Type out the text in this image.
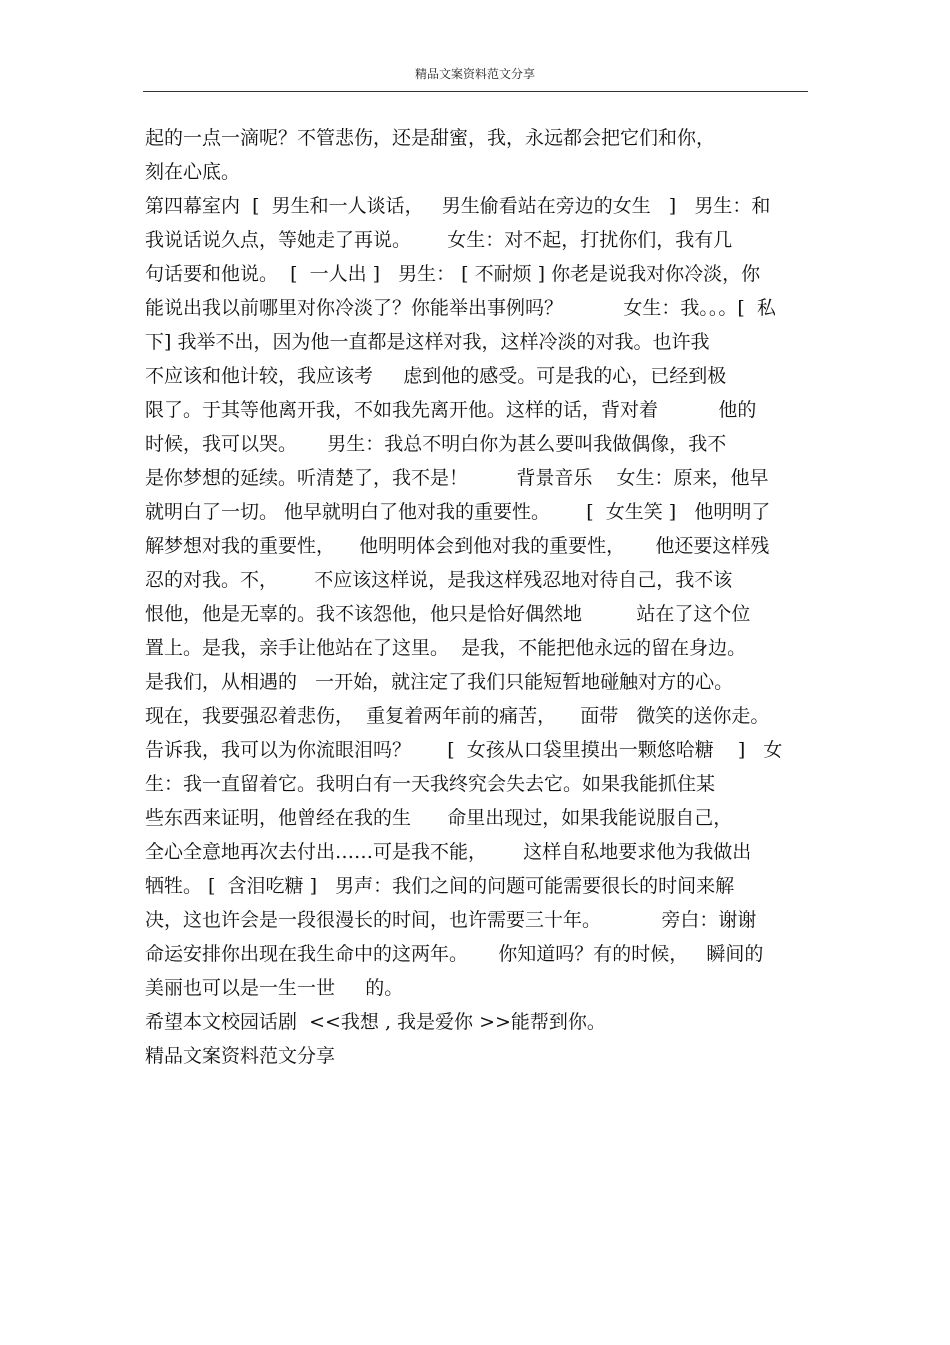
精品文案资料范文分享
起的一点一滴呢？不管悲伤，还是甜蜜，我，永远都会把它们和你，
刻在心底。
第四幕室内  [  男生和一人谈话，   男生偷看站在旁边的女生   ]   男生：和
我说话说久点，等她走了再说。      女生：对不起，打扰你们，我有几
句话要和他说。  [  一人出 ]   男生： [ 不耐烦 ] 你老是说我对你冷淡，你
能说出我以前哪里对你冷淡了？你能举出事例吗？          女生：我。。。[  私
下] 我举不出，因为他一直都是这样对我，这样冷淡的对我。也许我
不应该和他计较，我应该考     虑到他的感受。可是我的心，已经到极
限了。于其等他离开我，不如我先离开他。这样的话，背对着          他的
时候，我可以哭。     男生：我总不明白你为甚么要叫我做偶像，我不
是你梦想的延续。听清楚了，我不是！        背景音乐    女生：原来，他早
就明白了一切。 他早就明白了他对我的重要性。      [  女生笑 ]   他明明了
解梦想对我的重要性，    他明明体会到他对我的重要性，     他还要这样残
忍的对我。不，      不应该这样说，是我这样残忍地对待自己，我不该
恨他，他是无辜的。我不该怨他，他只是恰好偶然地         站在了这个位
置上。是我，亲手让他站在了这里。  是我，不能把他永远的留在身边。
是我们，从相遇的   一开始，就注定了我们只能短暂地碰触对方的心。
现在，我要强忍着悲伤，  重复着两年前的痛苦，    面带   微笑的送你走。
告诉我，我可以为你流眼泪吗？      [  女孩从口袋里摸出一颗悠哈糖    ]   女
生：我一直留着它。我明白有一天我终究会失去它。如果我能抓住某
些东西来证明，他曾经在我的生      命里出现过，如果我能说服自己，
全心全意地再次去付出……可是我不能，      这样自私地要求他为我做出
牺牲。 [  含泪吃糖 ]   男声：我们之间的问题可能需要很长的时间来解
决，这也许会是一段很漫长的时间，也许需要三十年。          旁白：谢谢
命运安排你出现在我生命中的这两年。     你知道吗？有的时候，   瞬间的
美丽也可以是一生一世     的。
希望本文校园话剧  <<我想 , 我是爱你 >>能帮到你。
精品文案资料范文分享
